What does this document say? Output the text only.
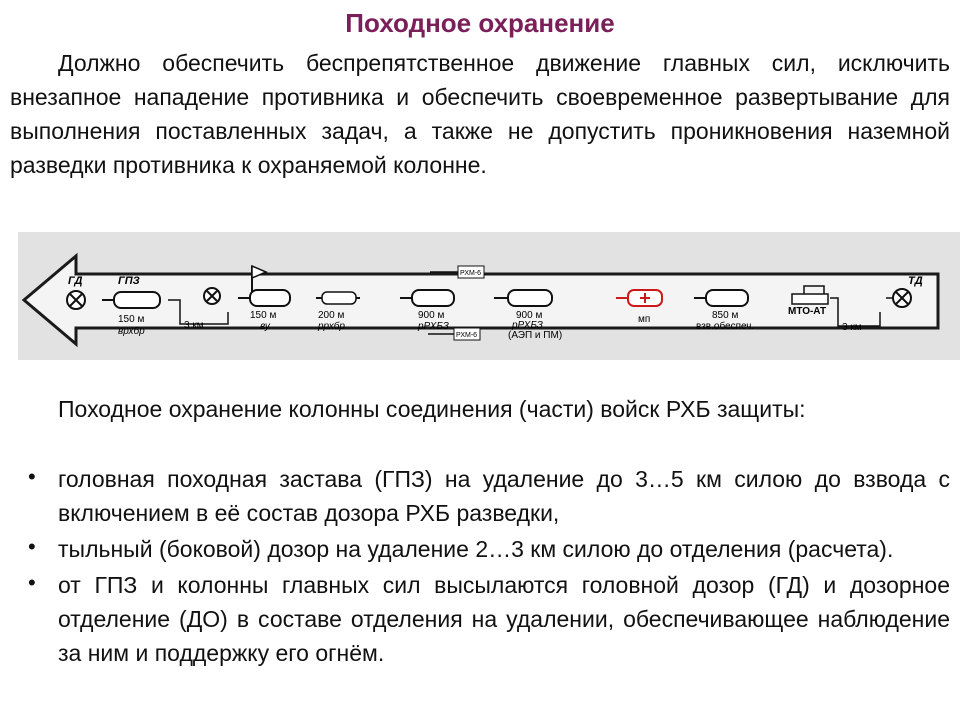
Походное охранение
Должно обеспечить беспрепятственное движение главных сил, исключить внезапное нападение противника и обеспечить своевременное развертывание для выполнения поставленных задач, а также не допустить проникновения наземной разведки противника к охраняемой колонне.
ГД	ГПЗ
150 м
врхбр
3 км
150 м
ву
200 м
ррхбр
900 м
рРХБЗ
РХМ-6
РХМ-6
900 м
рРХБЗ
(АЭП и ПМ)
мп	850 м
взв.обеспеч.
МТО-АТ
3 км
ТД
Походное охранение колонны соединения (части) войск РХБ защиты:
• головная походная застава (ГПЗ) на удаление до 3…5 км силою до взвода с включением в её состав дозора РХБ разведки,
• тыльный (боковой) дозор на удаление 2…3 км силою до отделения (расчета).
• от ГПЗ и колонны главных сил высылаются головной дозор (ГД) и дозорное отделение (ДО) в составе отделения на удалении, обеспечивающее наблюдение за ним и поддержку его огнём.
